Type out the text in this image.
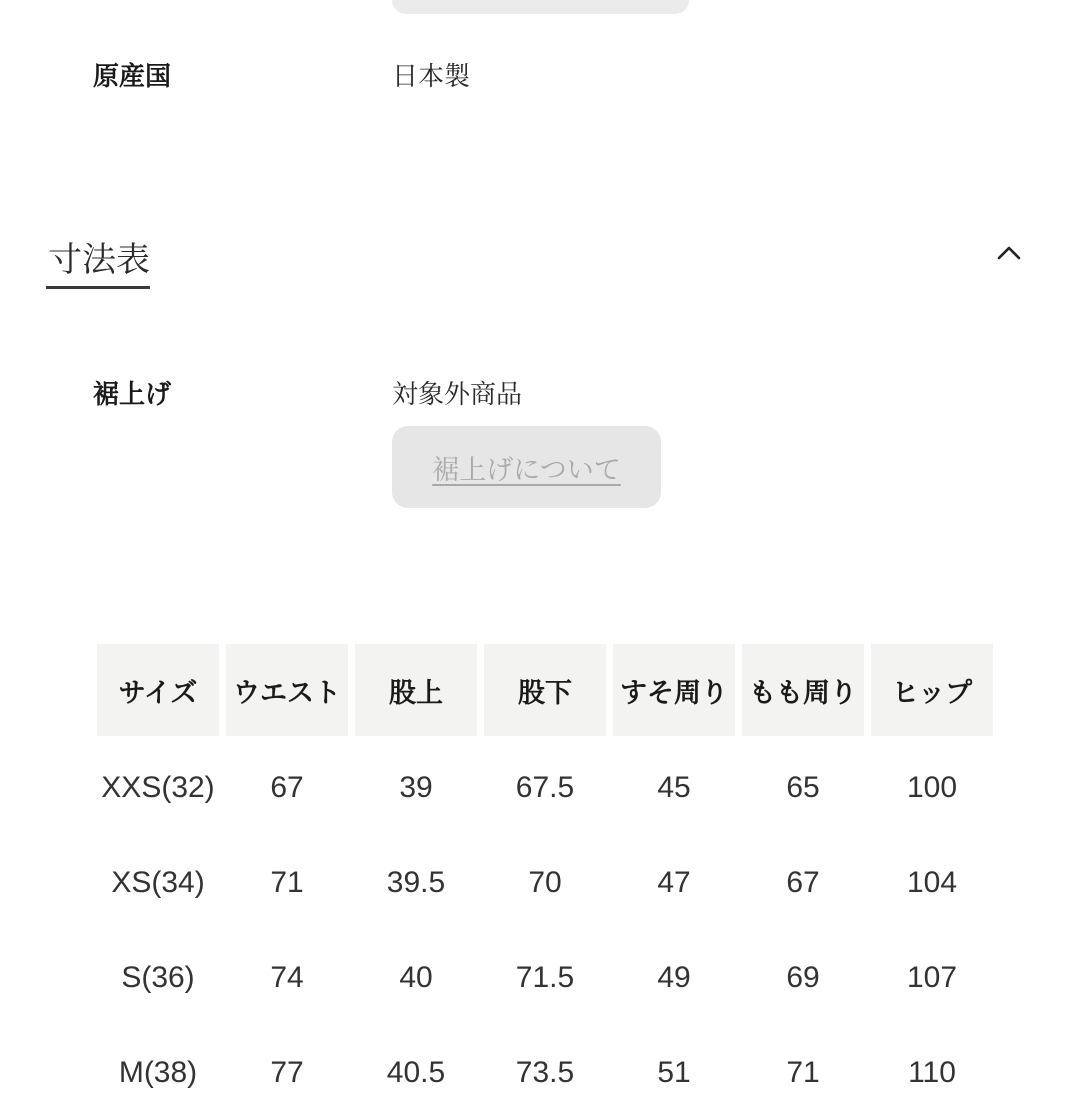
原産国	日本製
寸法表
裾上げ	対象外商品
裾上げについて
サイズ	ウエスト	股上	股下	すそ周り	もも周り	ヒップ
XXS(32)	67	39	67.5	45	65	100
XS(34)	71	39.5	70	47	67	104
S(36)	74	40	71.5	49	69	107
M(38)	77	40.5	73.5	51	71	110
